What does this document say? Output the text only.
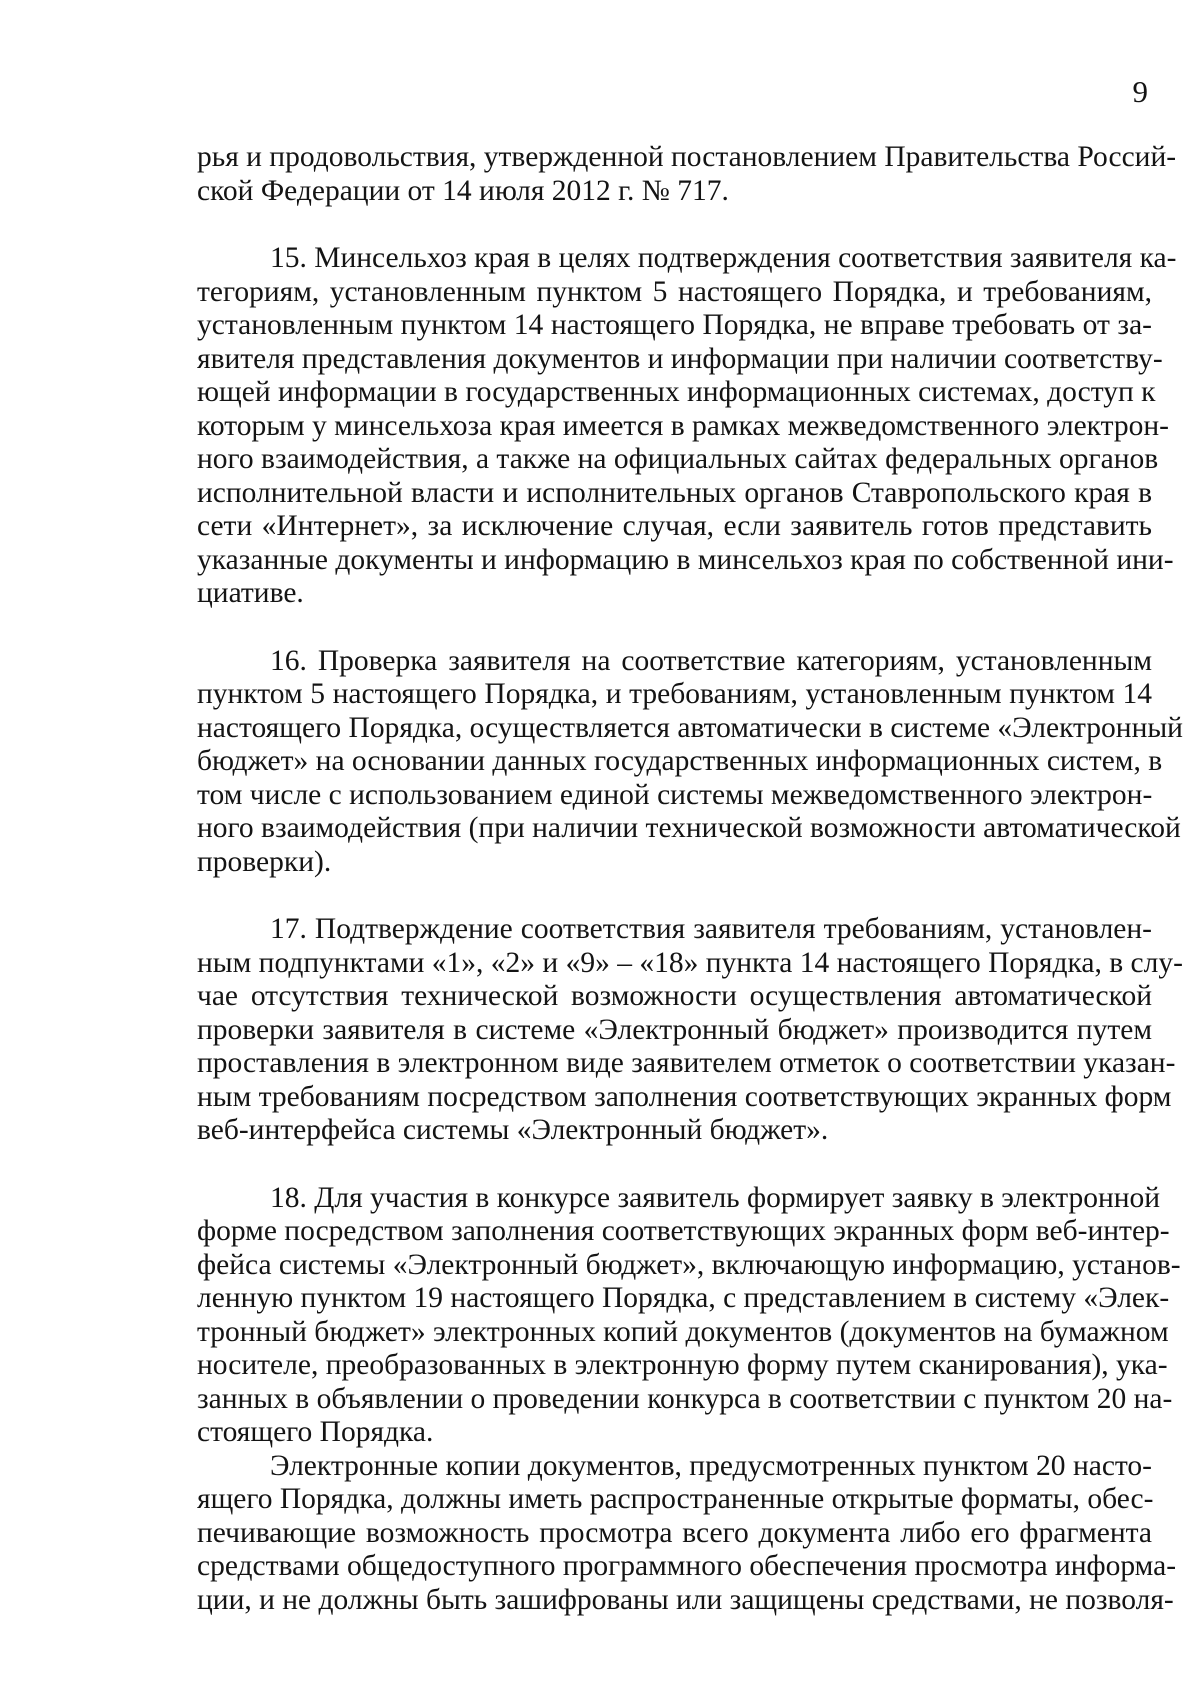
9
рья и продовольствия, утвержденной постановлением Правительства Россий-
ской Федерации от 14 июля 2012 г. № 717.
15. Минсельхоз края в целях подтверждения соответствия заявителя ка-
тегориям, установленным пунктом 5 настоящего Порядка, и требованиям,
установленным пунктом 14 настоящего Порядка, не вправе требовать от за-
явителя представления документов и информации при наличии соответству-
ющей информации в государственных информационных системах, доступ к
которым у минсельхоза края имеется в рамках межведомственного электрон-
ного взаимодействия, а также на официальных сайтах федеральных органов
исполнительной власти и исполнительных органов Ставропольского края в
сети «Интернет», за исключение случая, если заявитель готов представить
указанные документы и информацию в минсельхоз края по собственной ини-
циативе.
16. Проверка заявителя на соответствие категориям, установленным
пунктом 5 настоящего Порядка, и требованиям, установленным пунктом 14
настоящего Порядка, осуществляется автоматически в системе «Электронный
бюджет» на основании данных государственных информационных систем, в
том числе с использованием единой системы межведомственного электрон-
ного взаимодействия (при наличии технической возможности автоматической
проверки).
17. Подтверждение соответствия заявителя требованиям, установлен-
ным подпунктами «1», «2» и «9» – «18» пункта 14 настоящего Порядка, в слу-
чае отсутствия технической возможности осуществления автоматической
проверки заявителя в системе «Электронный бюджет» производится путем
проставления в электронном виде заявителем отметок о соответствии указан-
ным требованиям посредством заполнения соответствующих экранных форм
веб-интерфейса системы «Электронный бюджет».
18. Для участия в конкурсе заявитель формирует заявку в электронной
форме посредством заполнения соответствующих экранных форм веб-интер-
фейса системы «Электронный бюджет», включающую информацию, установ-
ленную пунктом 19 настоящего Порядка, с представлением в систему «Элек-
тронный бюджет» электронных копий документов (документов на бумажном
носителе, преобразованных в электронную форму путем сканирования), ука-
занных в объявлении о проведении конкурса в соответствии с пунктом 20 на-
стоящего Порядка.
Электронные копии документов, предусмотренных пунктом 20 насто-
ящего Порядка, должны иметь распространенные открытые форматы, обес-
печивающие возможность просмотра всего документа либо его фрагмента
средствами общедоступного программного обеспечения просмотра информа-
ции, и не должны быть зашифрованы или защищены средствами, не позволя-
